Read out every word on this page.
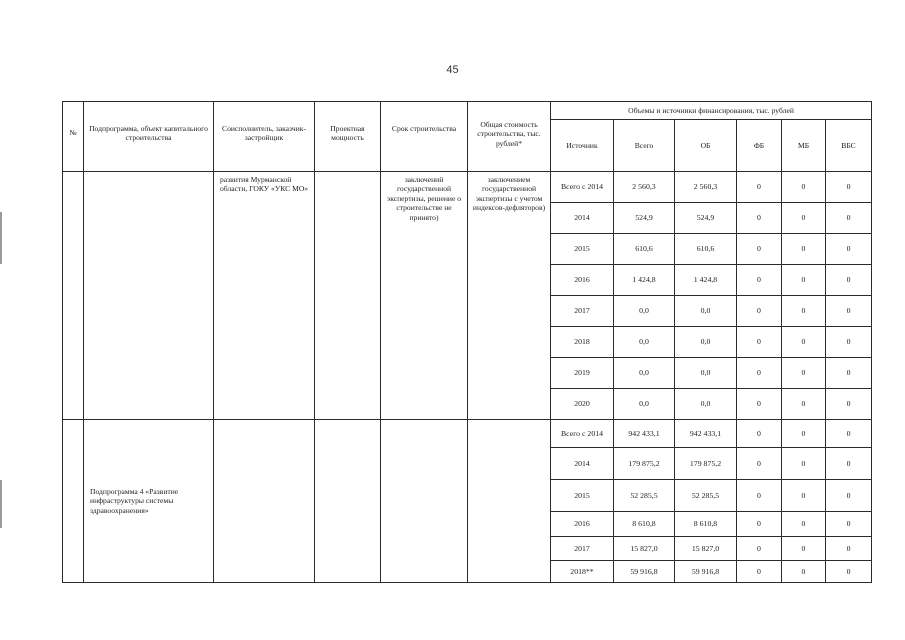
45
№	Подпрограмма, объект капитального строительства	Соисполнитель, заказчик-застройщик	Проектная мощность	Срок строительства	Общая стоимость строительства, тыс. рублей*	Объемы и источники финансирования, тыс. рублей					
						Источник	Всего	ОБ	ФБ	МБ	ВБС
		развития Мурманской области, ГОКУ «УКС МО»		заключений государственной экспертизы, решение о строительстве не принято)	заключением государственной экспертизы с учетом индексов-дефляторов)	Всего с 2014	2 560,3	2 560,3	0	0	0
						2014	524,9	524,9	0	0	0
						2015	610,6	610,6	0	0	0
						2016	1 424,8	1 424,8	0	0	0
						2017	0,0	0,0	0	0	0
						2018	0,0	0,0	0	0	0
						2019	0,0	0,0	0	0	0
						2020	0,0	0,0	0	0	0
	Подпрограмма 4 «Развитие инфраструктуры системы здравоохранения»					Всего с 2014	942 433,1	942 433,1	0	0	0
						2014	179 875,2	179 875,2	0	0	0
						2015	52 285,5	52 285,5	0	0	0
						2016	8 610,8	8 610,8	0	0	0
						2017	15 827,0	15 827,0	0	0	0
						2018**	59 916,8	59 916,8	0	0	0
